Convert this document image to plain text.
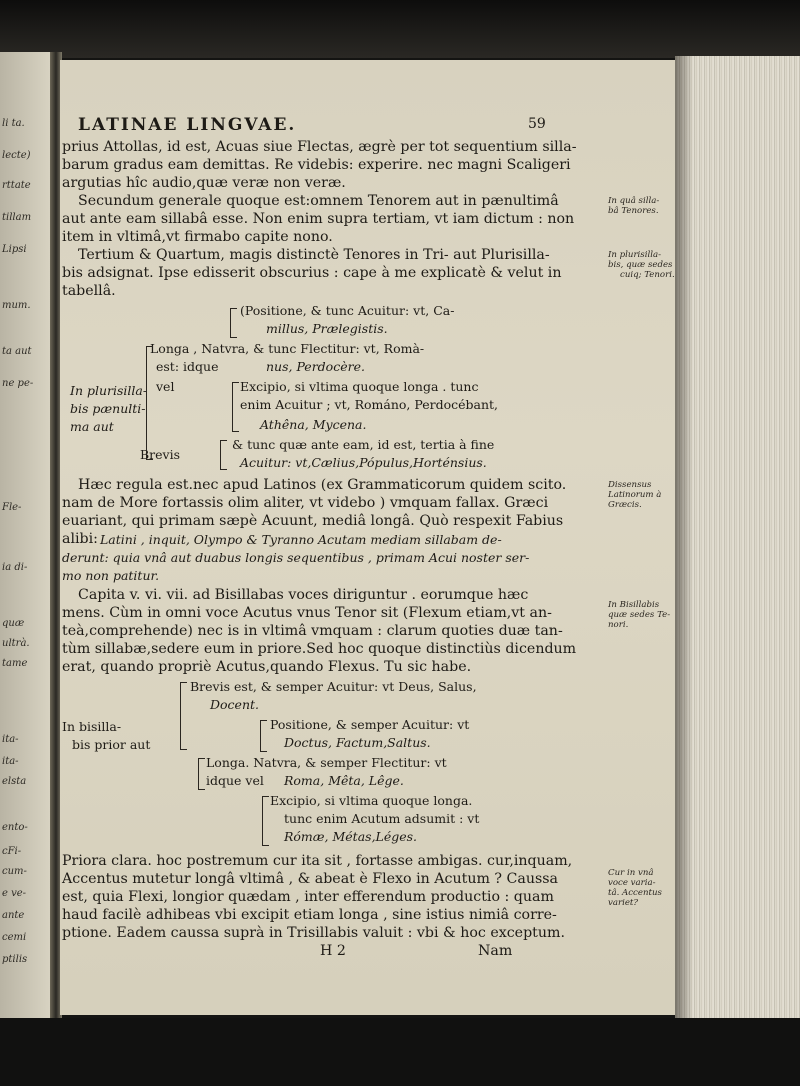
li ta.
lecte)
rttate
tillam
Lipsi
mum.
ta aut
ne pe-
Fle-
ia di-
quæ
ultrà.
tame
ita-
ita-
elsta
ento-
cFi-
cum-
e ve-
ante
cemi
ptilis
LATINAE LINGVAE.	59
prius Attollas, id est, Acuas siue Flectas, ægrè per tot sequentium silla-
barum gradus eam demittas. Re videbis: experire. nec magni Scaligeri
argutias hîc audio,quæ veræ non veræ.
Secundum generale quoque est:omnem Tenorem aut in pænultimâ
aut ante eam sillabâ esse. Non enim supra tertiam, vt iam dictum : non
item in vltimâ,vt firmabo capite nono.
Tertium & Quartum, magis distinctè Tenores in Tri- aut Plurisilla-
bis adsignat. Ipse edisserit obscurius : cape à me explicatè & velut in
tabellâ.
(Positione, & tunc Acuitur: vt, Ca-
millus, Prælegistis.
Longa , Natvra, & tunc Flectitur: vt, Romà-
est: idque	nus, Perdocère.
In plurisilla- vel	Excipio, si vltima quoque longa . tunc
bis pænulti-	enim Acuitur ; vt, Románo, Perdocébant,
ma aut	Athêna, Mycena.
& tunc quæ ante eam, id est, tertia à fine
Brevis
Acuitur: vt,Cælius,Pópulus,Horténsius.
Hæc regula est.nec apud Latinos (ex Grammaticorum quidem scito.
nam de More fortassis olim aliter, vt videbo ) vmquam fallax. Græci
euariant, qui primam sæpè Acuunt, mediâ longâ. Quò respexit Fabius
alibi: Latini , inquit, Olympo & Tyranno Acutam mediam sillabam de-
derunt: quia vnâ aut duabus longis sequentibus , primam Acui noster ser-
mo non patitur.
Capita v. vi. vii. ad Bisillabas voces diriguntur . eorumque hæc
mens. Cùm in omni voce Acutus vnus Tenor sit (Flexum etiam,vt an-
teà,comprehende) nec is in vltimâ vmquam : clarum quoties duæ tan-
tùm sillabæ,sedere eum in priore.Sed hoc quoque distinctiùs dicendum
erat, quando propriè Acutus,quando Flexus. Tu sic habe.
Brevis est, & semper Acuitur: vt Deus, Salus,
Docent.
In bisilla-	Positione, & semper Acuitur: vt
bis prior aut	Doctus, Factum,Saltus.
Longa. Natvra, & semper Flectitur: vt
idque vel Roma, Mêta, Lêge.
Excipio, si vltima quoque longa.
tunc enim Acutum adsumit : vt
Rómæ, Métas,Léges.
Priora clara. hoc postremum cur ita sit , fortasse ambigas. cur,inquam,
Accentus mutetur longâ vltimâ , & abeat è Flexo in Acutum ? Caussa
est, quia Flexi, longior quædam , inter efferendum productio : quam
haud facilè adhibeas vbi excipit etiam longa , sine istius nimiâ corre-
ptione. Eadem caussa suprà in Trisillabis valuit : vbi & hoc exceptum.
H 2	Nam
In quâ silla-
bâ Tenores.
In plurisilla-
bis, quæ sedes
cuiq; Tenori.
Dissensus
Latinorum à
Græcis.
In Bisillabis
quæ sedes Te-
nori.
Cur in vnâ
voce varia-
tâ. Accentus
variet?
